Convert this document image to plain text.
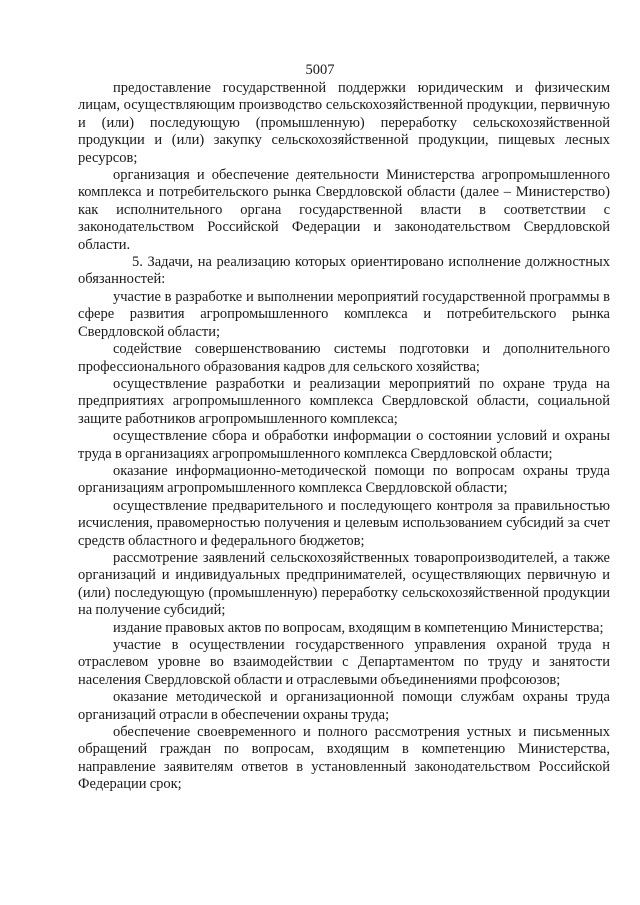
5007

предоставление государственной поддержки юридическим и физическим лицам, осуществляющим производство сельскохозяйственной продукции, первичную и (или) последующую (промышленную) переработку сельскохозяйственной продукции и (или) закупку сельскохозяйственной продукции, пищевых лесных ресурсов;

организация и обеспечение деятельности Министерства агропромышленного комплекса и потребительского рынка Свердловской области (далее – Министерство) как исполнительного органа государственной власти в соответствии с законодательством Российской Федерации и законодательством Свердловской области.

5. Задачи, на реализацию которых ориентировано исполнение должностных обязанностей:

участие в разработке и выполнении мероприятий государственной программы в сфере развития агропромышленного комплекса и потребительского рынка Свердловской области;

содействие совершенствованию системы подготовки и дополнительного профессионального образования кадров для сельского хозяйства;

осуществление разработки и реализации мероприятий по охране труда на предприятиях агропромышленного комплекса Свердловской области, социальной защите работников агропромышленного комплекса;

осуществление сбора и обработки информации о состоянии условий и охраны труда в организациях агропромышленного комплекса Свердловской области;

оказание информационно-методической помощи по вопросам охраны труда организациям агропромышленного комплекса Свердловской области;

осуществление предварительного и последующего контроля за правильностью исчисления, правомерностью получения и целевым использованием субсидий за счет средств областного и федерального бюджетов;

рассмотрение заявлений сельскохозяйственных товаропроизводителей, а также организаций и индивидуальных предпринимателей, осуществляющих первичную и (или) последующую (промышленную) переработку сельскохозяйственной продукции на получение субсидий;

издание правовых актов по вопросам, входящим в компетенцию Министерства;

участие в осуществлении государственного управления охраной труда н отраслевом уровне во взаимодействии с Департаментом по труду и занятости населения Свердловской области и отраслевыми объединениями профсоюзов;

оказание методической и организационной помощи службам охраны труда организаций отрасли в обеспечении охраны труда;

обеспечение своевременного и полного рассмотрения устных и письменных обращений граждан по вопросам, входящим в компетенцию Министерства, направление заявителям ответов в установленный законодательством Российской Федерации срок;
